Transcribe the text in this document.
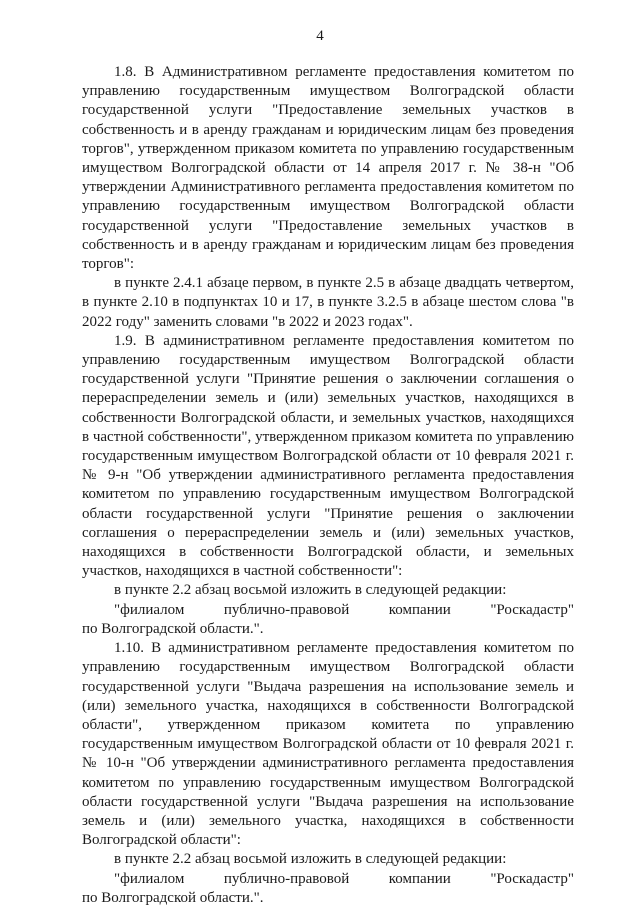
4

1.8. В Административном регламенте предоставления комитетом по управлению государственным имуществом Волгоградской области государственной услуги "Предоставление земельных участков в собственность и в аренду гражданам и юридическим лицам без проведения торгов", утвержденном приказом комитета по управлению государственным имуществом Волгоградской области от 14 апреля 2017 г. № 38-н "Об утверждении Административного регламента предоставления комитетом по управлению государственным имуществом Волгоградской области государственной услуги "Предоставление земельных участков в собственность и в аренду гражданам и юридическим лицам без проведения торгов":

в пункте 2.4.1 абзаце первом, в пункте 2.5 в абзаце двадцать четвертом, в пункте 2.10 в подпунктах 10 и 17, в пункте 3.2.5 в абзаце шестом слова "в 2022 году" заменить словами "в 2022 и 2023 годах".

1.9. В административном регламенте предоставления комитетом по управлению государственным имуществом Волгоградской области государственной услуги "Принятие решения о заключении соглашения о перераспределении земель и (или) земельных участков, находящихся в собственности Волгоградской области, и земельных участков, находящихся в частной собственности", утвержденном приказом комитета по управлению государственным имуществом Волгоградской области от 10 февраля 2021 г. № 9-н "Об утверждении административного регламента предоставления комитетом по управлению государственным имуществом Волгоградской области государственной услуги "Принятие решения о заключении соглашения о перераспределении земель и (или) земельных участков, находящихся в собственности Волгоградской области, и земельных участков, находящихся в частной собственности":

в пункте 2.2 абзац восьмой изложить в следующей редакции:

"филиалом	публично-правовой	компании	"Роскадастр"

по Волгоградской области.".

1.10. В административном регламенте предоставления комитетом по управлению государственным имуществом Волгоградской области государственной услуги "Выдача разрешения на использование земель и (или) земельного участка, находящихся в собственности Волгоградской области", утвержденном приказом комитета по управлению государственным имуществом Волгоградской области от 10 февраля 2021 г. № 10-н "Об утверждении административного регламента предоставления комитетом по управлению государственным имуществом Волгоградской области государственной услуги "Выдача разрешения на использование земель и (или) земельного участка, находящихся в собственности Волгоградской области":

в пункте 2.2 абзац восьмой изложить в следующей редакции:

"филиалом	публично-правовой	компании	"Роскадастр"

по Волгоградской области.".
